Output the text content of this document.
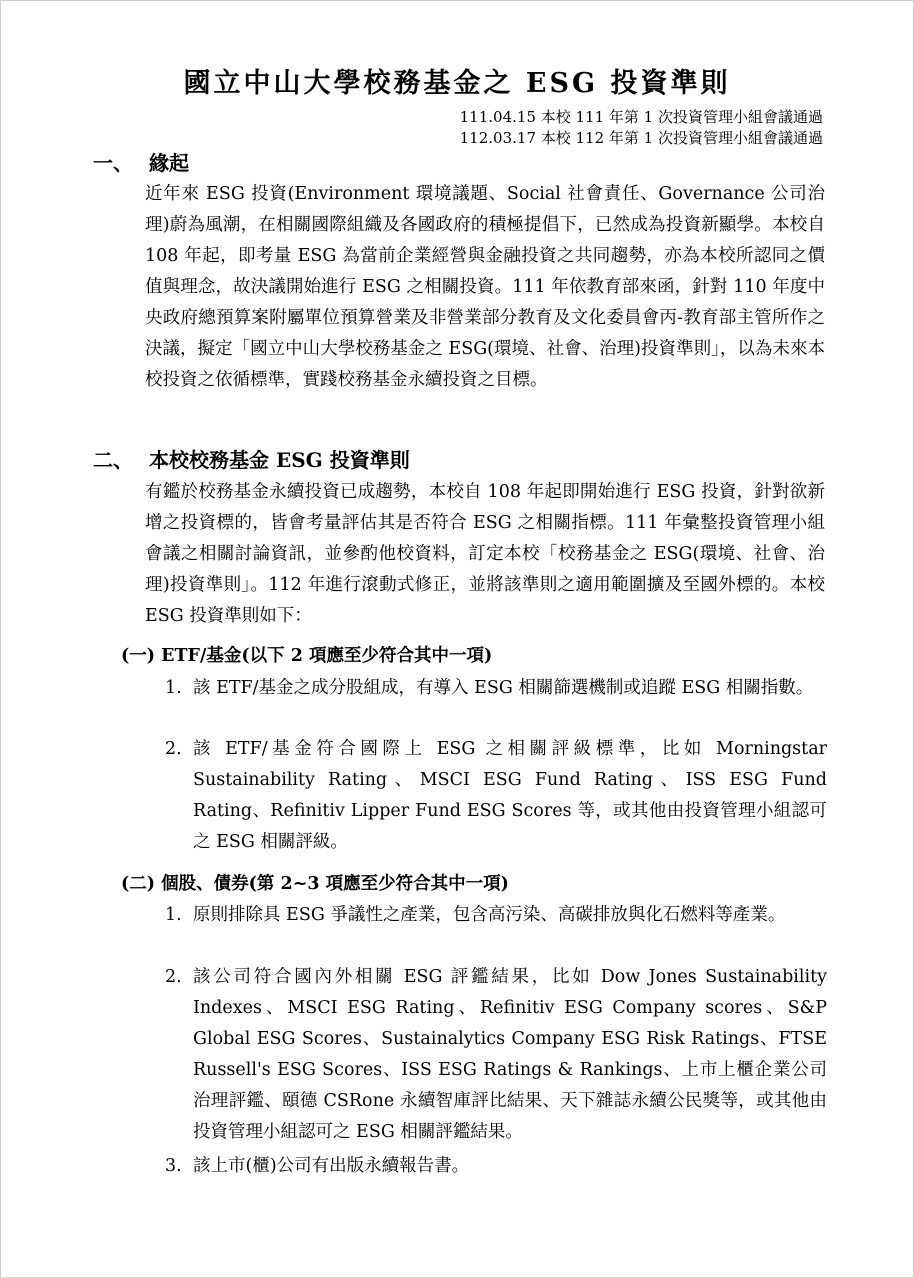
國立中山大學校務基金之 ESG 投資準則
111.04.15 本校 111 年第 1 次投資管理小組會議通過
112.03.17 本校 112 年第 1 次投資管理小組會議通過
一、 緣起
近年來 ESG 投資(Environment 環境議題、Social 社會責任、Governance 公司治理)蔚為風潮，在相關國際組織及各國政府的積極提倡下，已然成為投資新顯學。本校自 108 年起，即考量 ESG 為當前企業經營與金融投資之共同趨勢，亦為本校所認同之價值與理念，故決議開始進行 ESG 之相關投資。111 年依教育部來函，針對 110 年度中央政府總預算案附屬單位預算營業及非營業部分教育及文化委員會丙-教育部主管所作之決議，擬定「國立中山大學校務基金之 ESG(環境、社會、治理)投資準則」，以為未來本校投資之依循標準，實踐校務基金永續投資之目標。
二、 本校校務基金 ESG 投資準則
有鑑於校務基金永續投資已成趨勢，本校自 108 年起即開始進行 ESG 投資，針對欲新增之投資標的，皆會考量評估其是否符合 ESG 之相關指標。111 年彙整投資管理小組會議之相關討論資訊，並參酌他校資料，訂定本校「校務基金之 ESG(環境、社會、治理)投資準則」。112 年進行滾動式修正，並將該準則之適用範圍擴及至國外標的。本校 ESG 投資準則如下：
(一) ETF/基金(以下 2 項應至少符合其中一項)
1. 該 ETF/基金之成分股組成，有導入 ESG 相關篩選機制或追蹤 ESG 相關指數。
2. 該 ETF/基金符合國際上 ESG 之相關評級標準，比如 Morningstar Sustainability Rating、MSCI ESG Fund Rating、ISS ESG Fund Rating、Refinitiv Lipper Fund ESG Scores 等，或其他由投資管理小組認可之 ESG 相關評級。
(二) 個股、債券(第 2~3 項應至少符合其中一項)
1. 原則排除具 ESG 爭議性之產業，包含高污染、高碳排放與化石燃料等產業。
2. 該公司符合國內外相關 ESG 評鑑結果，比如 Dow Jones Sustainability Indexes、MSCI ESG Rating、Refinitiv ESG Company scores、S&P Global ESG Scores、Sustainalytics Company ESG Risk Ratings、FTSE Russell's ESG Scores、ISS ESG Ratings & Rankings、上市上櫃企業公司治理評鑑、頤德 CSRone 永續智庫評比結果、天下雜誌永續公民獎等，或其他由投資管理小組認可之 ESG 相關評鑑結果。
3. 該上市(櫃)公司有出版永續報告書。
